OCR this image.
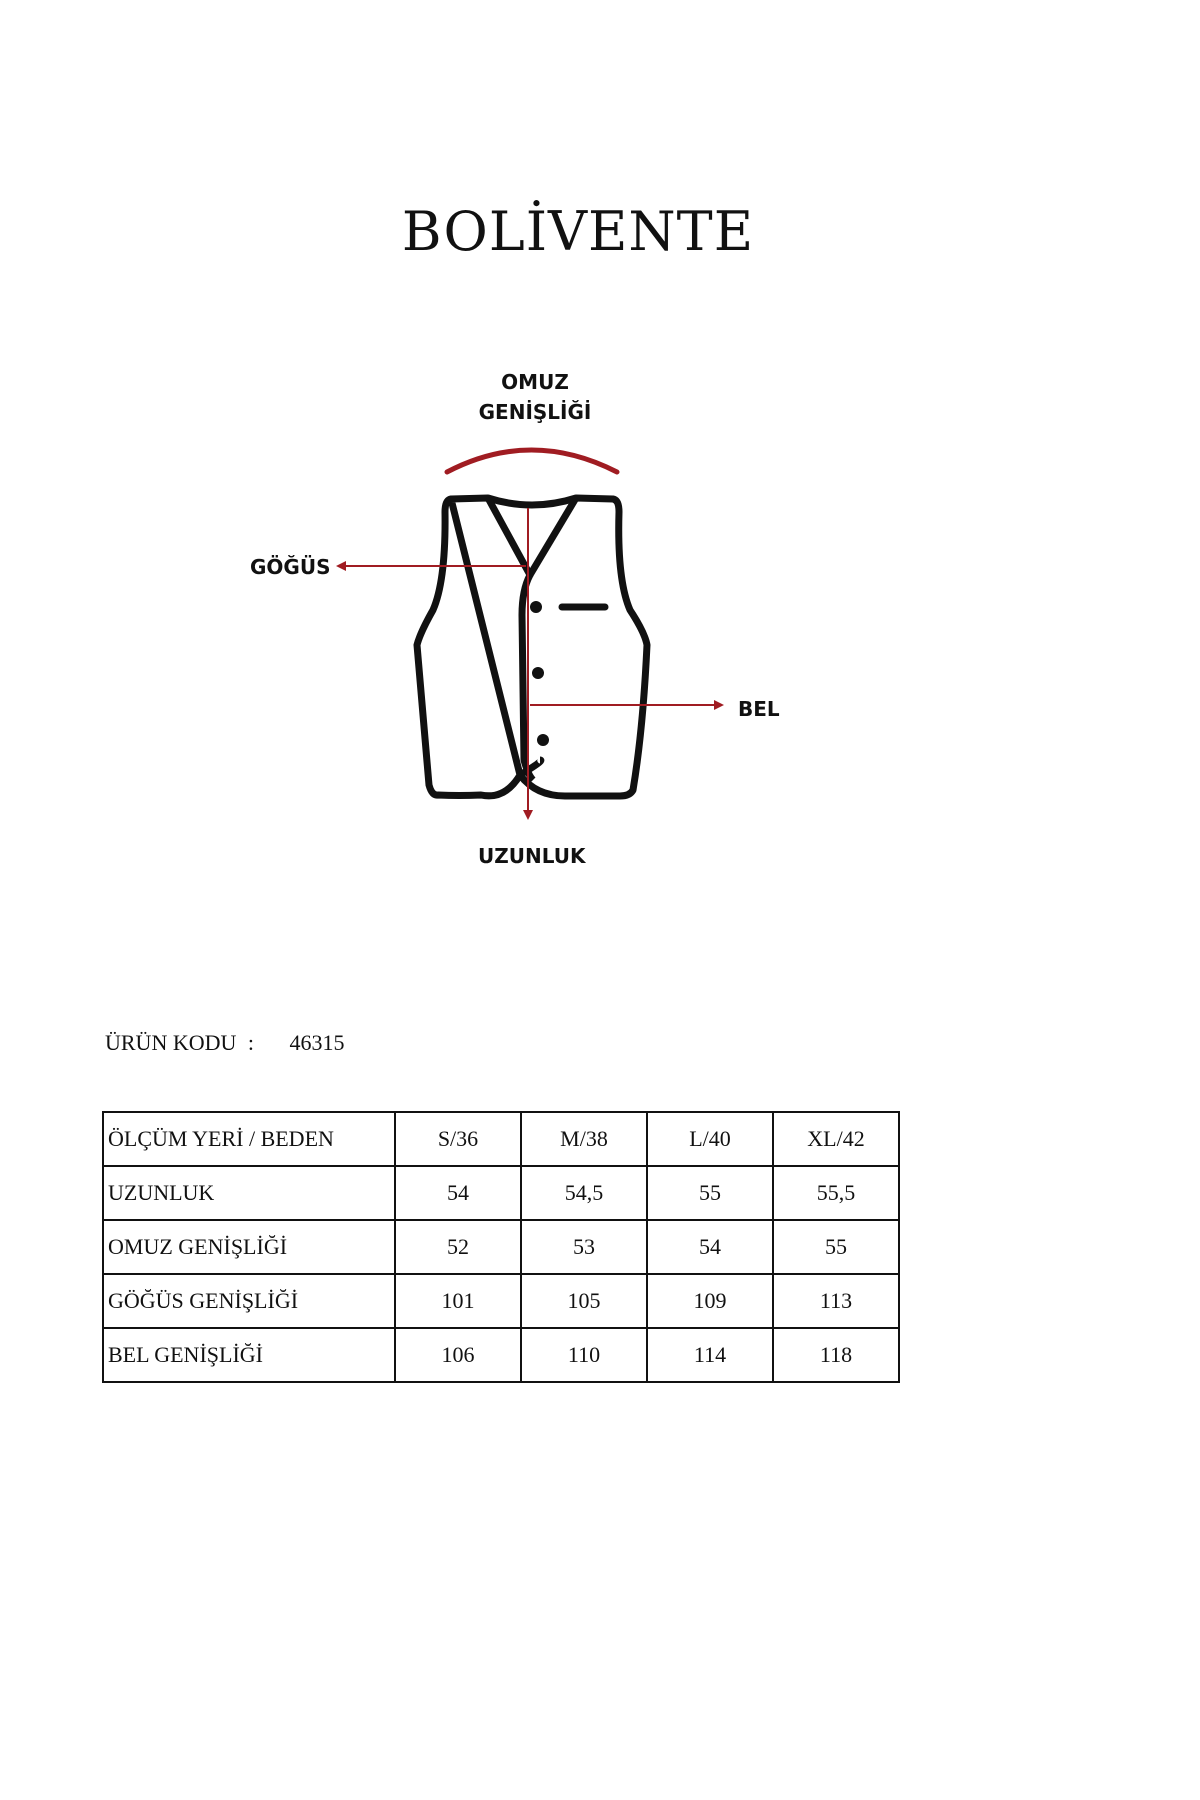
BOLİVENTE
OMUZ
GENİŞLİĞİ
GÖĞÜS
BEL
UZUNLUK
ÜRÜN KODU : 46315
ÖLÇÜM YERİ / BEDEN	S/36	M/38	L/40	XL/42
UZUNLUK	54	54,5	55	55,5
OMUZ GENİŞLİĞİ	52	53	54	55
GÖĞÜS GENİŞLİĞİ	101	105	109	113
BEL GENİŞLİĞİ	106	110	114	118
